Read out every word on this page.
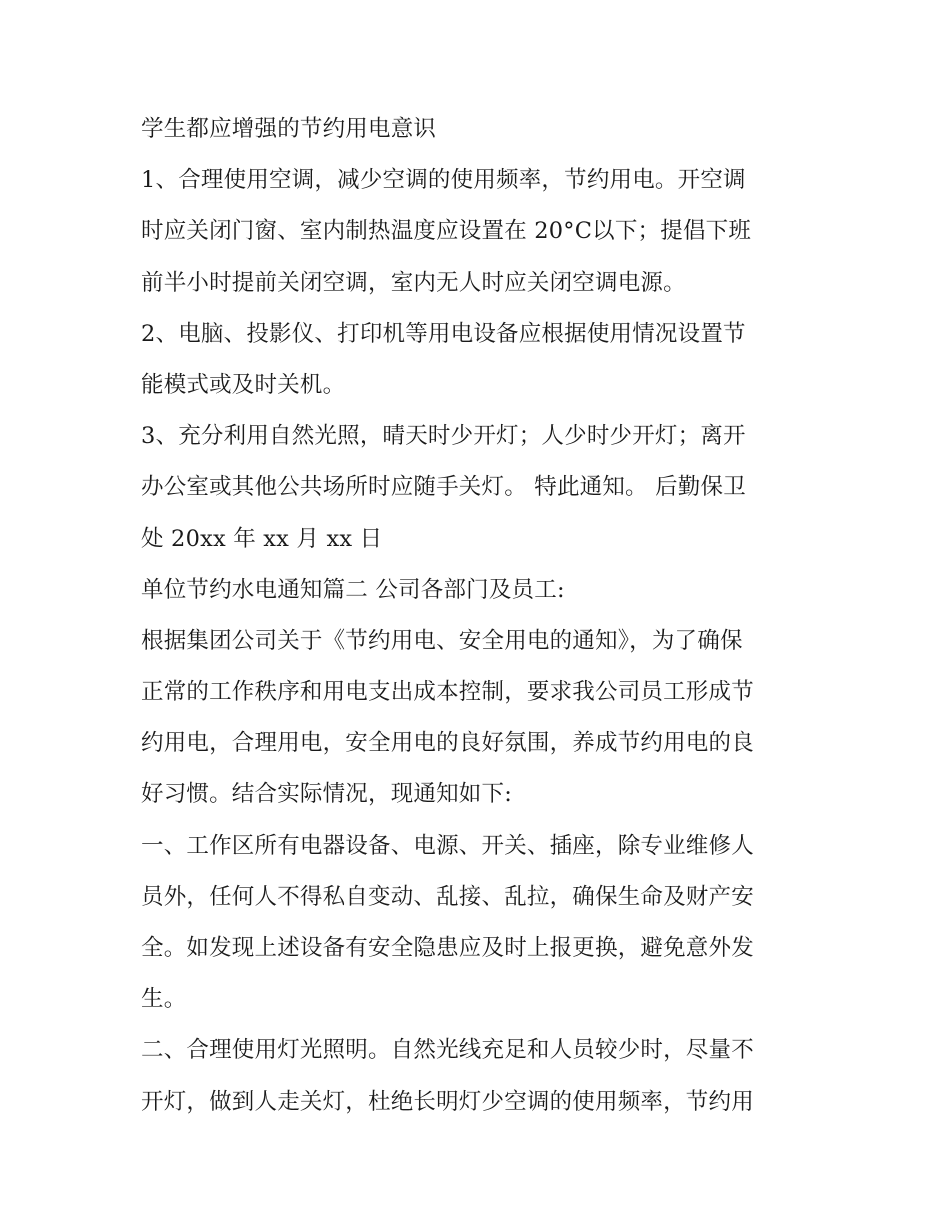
学生都应增强的节约用电意识
1、合理使用空调，减少空调的使用频率，节约用电。开空调
时应关闭门窗、室内制热温度应设置在 20°C以下；提倡下班
前半小时提前关闭空调，室内无人时应关闭空调电源。
2、电脑、投影仪、打印机等用电设备应根据使用情况设置节
能模式或及时关机。
3、充分利用自然光照，晴天时少开灯；人少时少开灯；离开
办公室或其他公共场所时应随手关灯。 特此通知。 后勤保卫
处 20xx 年 xx 月 xx 日
单位节约水电通知篇二 公司各部门及员工:
根据集团公司关于《节约用电、安全用电的通知》，为了确保
正常的工作秩序和用电支出成本控制，要求我公司员工形成节
约用电，合理用电，安全用电的良好氛围，养成节约用电的良
好习惯。结合实际情况，现通知如下:
一、工作区所有电器设备、电源、开关、插座，除专业维修人
员外，任何人不得私自变动、乱接、乱拉，确保生命及财产安
全。如发现上述设备有安全隐患应及时上报更换，避免意外发
生。
二、合理使用灯光照明。自然光线充足和人员较少时，尽量不
开灯，做到人走关灯，杜绝长明灯少空调的使用频率，节约用
